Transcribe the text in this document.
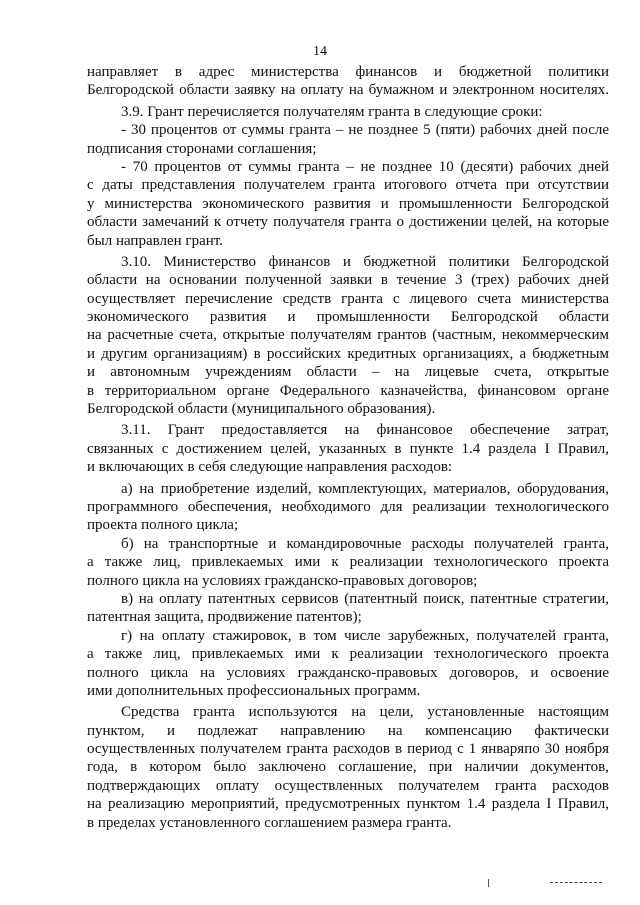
14
направляет в адрес министерства финансов и бюджетной политики
Белгородской области заявку на оплату на бумажном и электронном носителях.
3.9. Грант перечисляется получателям гранта в следующие сроки:
- 30 процентов от суммы гранта – не позднее 5 (пяти) рабочих дней после
подписания сторонами соглашения;
- 70 процентов от суммы гранта – не позднее 10 (десяти) рабочих дней
с даты представления получателем гранта итогового отчета при отсутствии
у министерства экономического развития и промышленности Белгородской
области замечаний к отчету получателя гранта о достижении целей, на которые
был направлен грант.
3.10. Министерство финансов и бюджетной политики Белгородской
области на основании полученной заявки в течение 3 (трех) рабочих дней
осуществляет перечисление средств гранта с лицевого счета министерства
экономического развития и промышленности Белгородской области
на расчетные счета, открытые получателям грантов (частным, некоммерческим
и другим организациям) в российских кредитных организациях, а бюджетным
и автономным учреждениям области – на лицевые счета, открытые
в территориальном органе Федерального казначейства, финансовом органе
Белгородской области (муниципального образования).
3.11. Грант предоставляется на финансовое обеспечение затрат,
связанных с достижением целей, указанных в пункте 1.4 раздела I Правил,
и включающих в себя следующие направления расходов:
а) на приобретение изделий, комплектующих, материалов, оборудования,
программного обеспечения, необходимого для реализации технологического
проекта полного цикла;
б) на транспортные и командировочные расходы получателей гранта,
а также лиц, привлекаемых ими к реализации технологического проекта
полного цикла на условиях гражданско-правовых договоров;
в) на оплату патентных сервисов (патентный поиск, патентные стратегии,
патентная защита, продвижение патентов);
г) на оплату стажировок, в том числе зарубежных, получателей гранта,
а также лиц, привлекаемых ими к реализации технологического проекта
полного цикла на условиях гражданско-правовых договоров, и освоение
ими дополнительных профессиональных программ.
Средства гранта используются на цели, установленные настоящим
пунктом, и подлежат направлению на компенсацию фактически
осуществленных получателем гранта расходов в период с 1 январяпо 30 ноября
года, в котором было заключено соглашение, при наличии документов,
подтверждающих оплату осуществленных получателем гранта расходов
на реализацию мероприятий, предусмотренных пунктом 1.4 раздела I Правил,
в пределах установленного соглашением размера гранта.
